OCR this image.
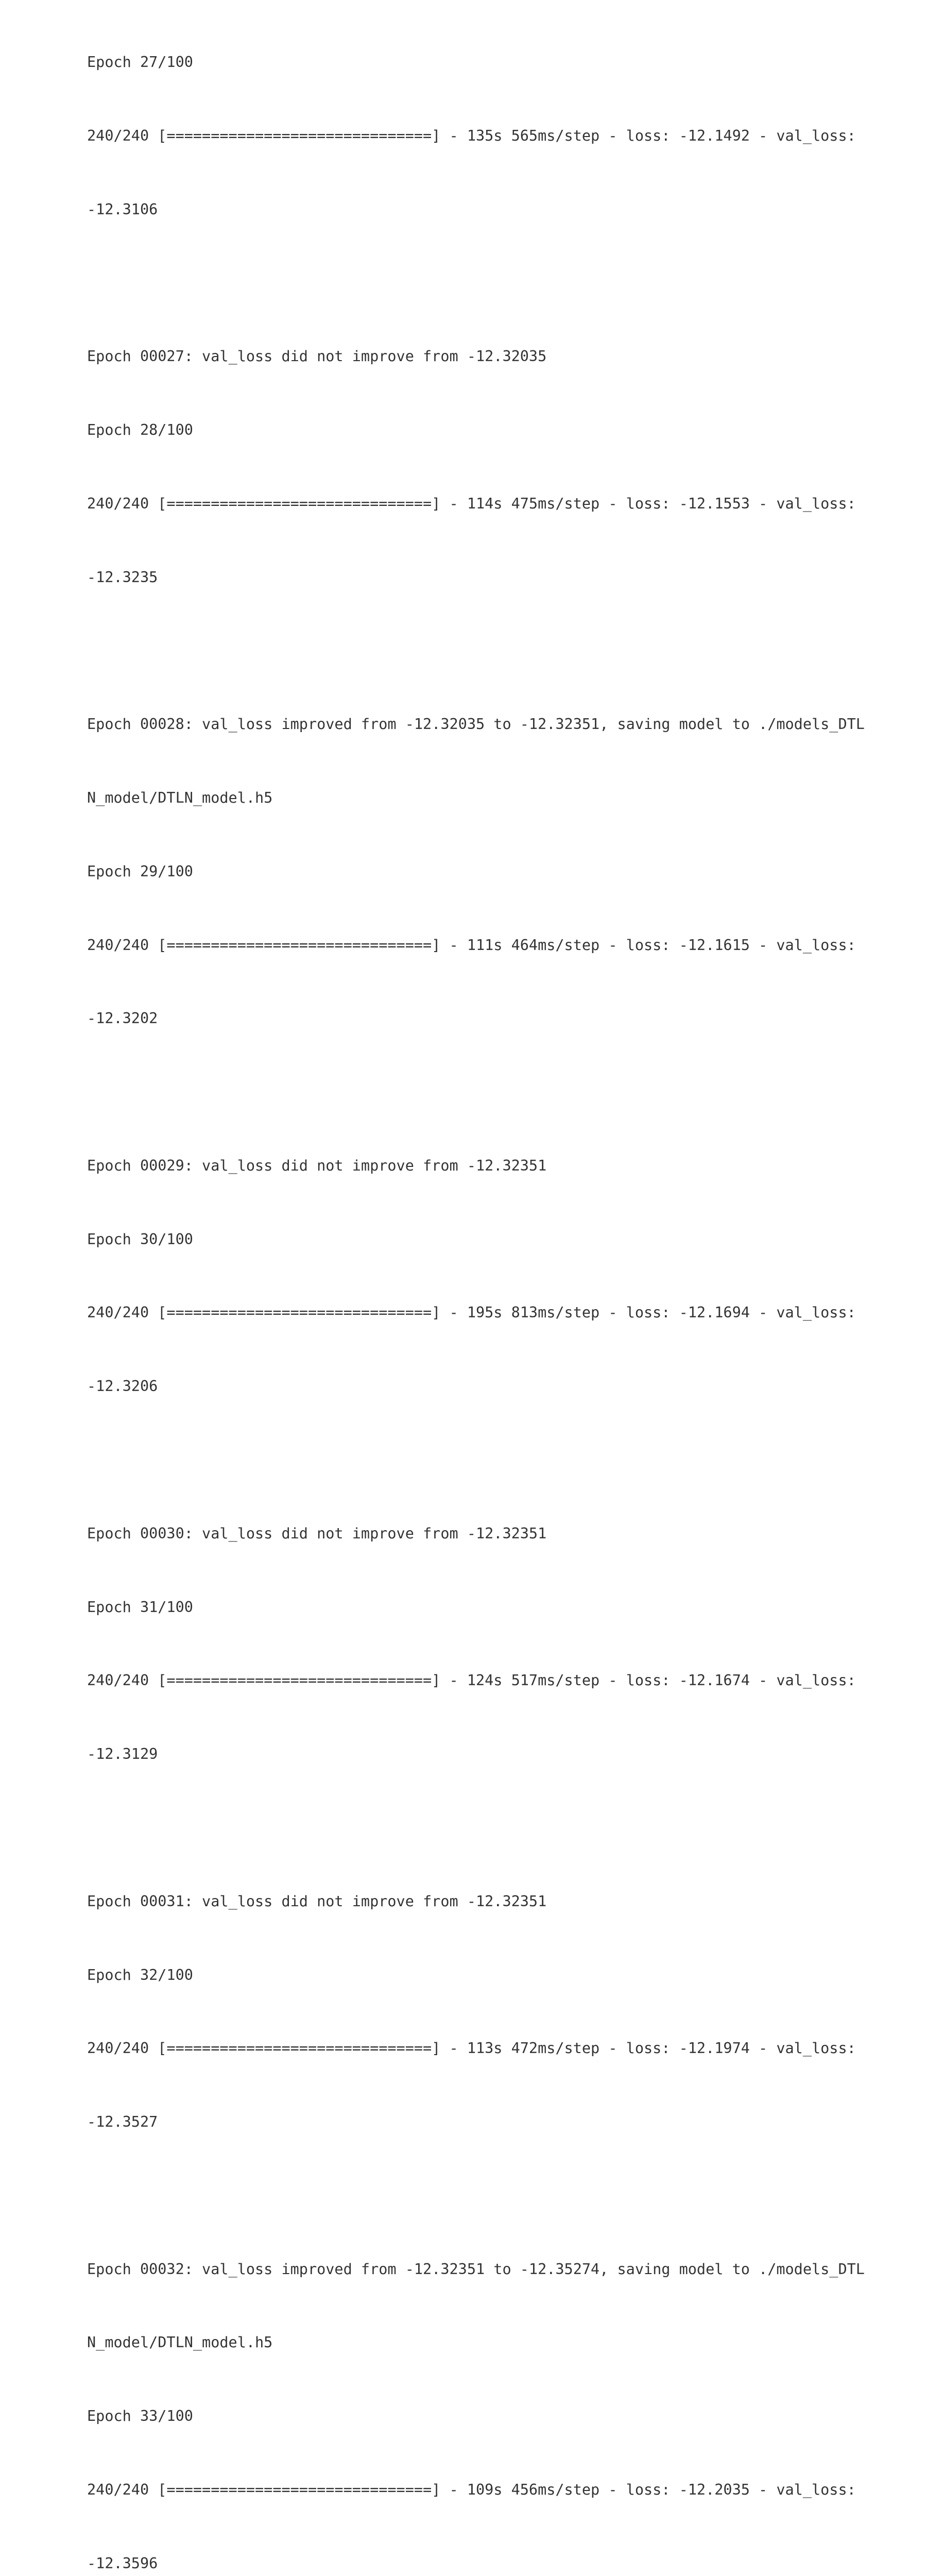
Epoch 27/100

240/240 [==============================] - 135s 565ms/step - loss: -12.1492 - val_loss:

-12.3106

Epoch 00027: val_loss did not improve from -12.32035

Epoch 28/100

240/240 [==============================] - 114s 475ms/step - loss: -12.1553 - val_loss:

-12.3235

Epoch 00028: val_loss improved from -12.32035 to -12.32351, saving model to ./models_DTL

N_model/DTLN_model.h5

Epoch 29/100

240/240 [==============================] - 111s 464ms/step - loss: -12.1615 - val_loss:

-12.3202

Epoch 00029: val_loss did not improve from -12.32351

Epoch 30/100

240/240 [==============================] - 195s 813ms/step - loss: -12.1694 - val_loss:

-12.3206

Epoch 00030: val_loss did not improve from -12.32351

Epoch 31/100

240/240 [==============================] - 124s 517ms/step - loss: -12.1674 - val_loss:

-12.3129

Epoch 00031: val_loss did not improve from -12.32351

Epoch 32/100

240/240 [==============================] - 113s 472ms/step - loss: -12.1974 - val_loss:

-12.3527

Epoch 00032: val_loss improved from -12.32351 to -12.35274, saving model to ./models_DTL

N_model/DTLN_model.h5

Epoch 33/100

240/240 [==============================] - 109s 456ms/step - loss: -12.2035 - val_loss:

-12.3596
